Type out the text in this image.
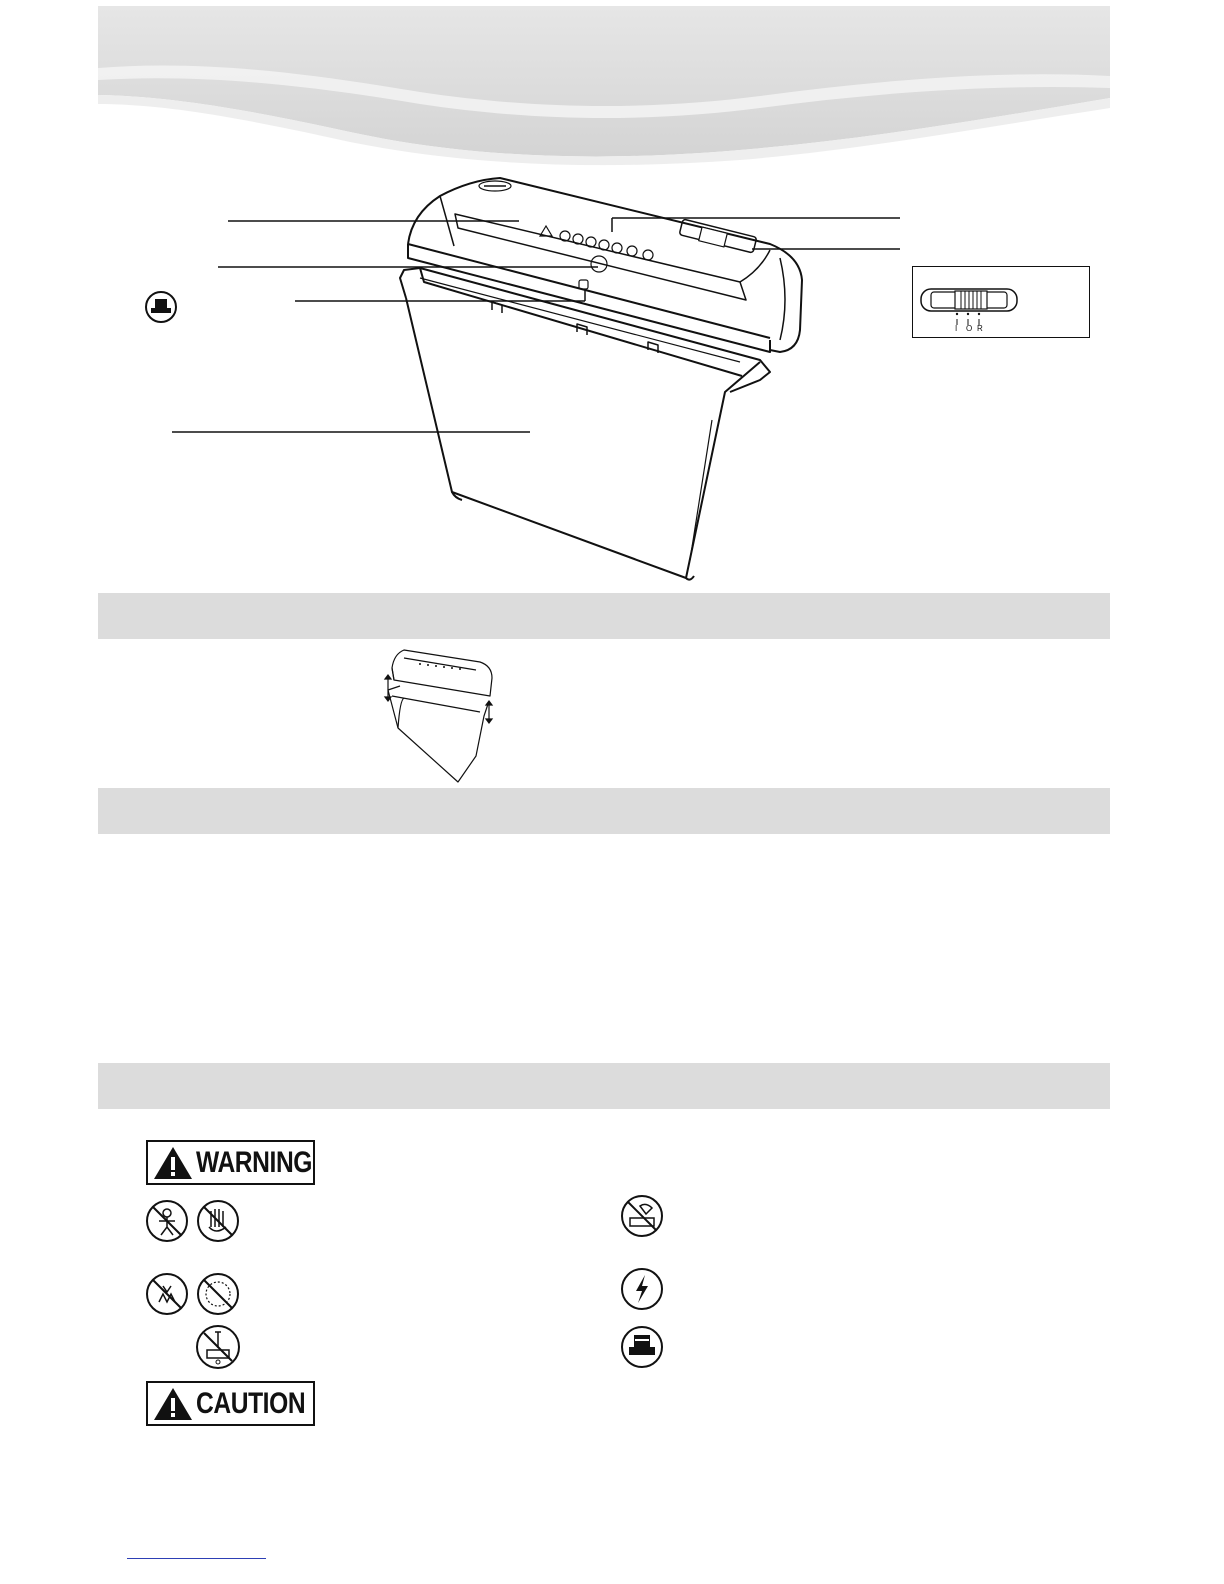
I O R
WARNING
CAUTION
